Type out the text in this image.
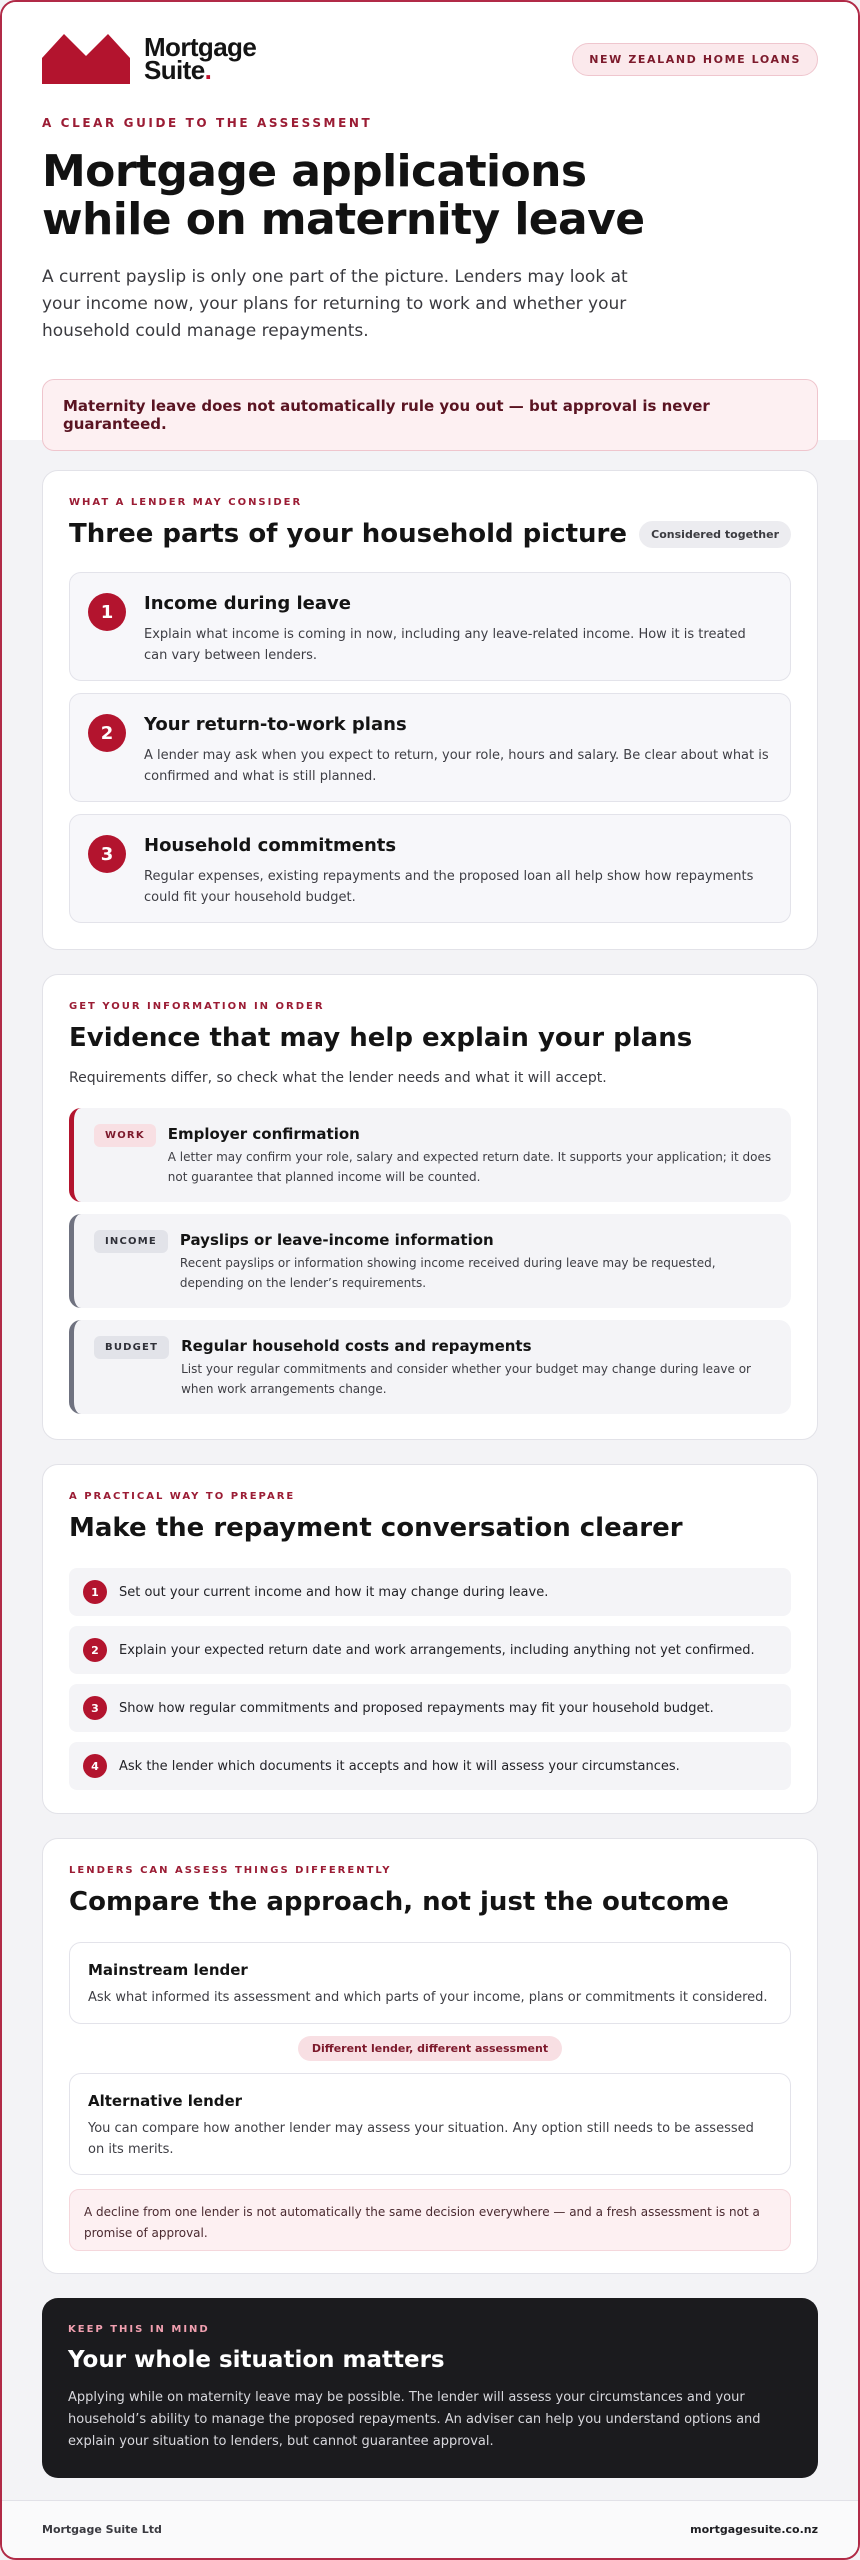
Mortgage
Suite.	NEW ZEALAND HOME LOANS
A CLEAR GUIDE TO THE ASSESSMENT
Mortgage applications while on maternity leave

A current payslip is only one part of the picture. Lenders may look at your income now, your plans for returning to work and whether your household could manage repayments.

Maternity leave does not automatically rule you out — but approval is never guaranteed.
WHAT A LENDER MAY CONSIDER
Three parts of your household picture	Considered together
1	Income during leave
Explain what income is coming in now, including any leave-related income. How it is treated can vary between lenders.
2	Your return-to-work plans
A lender may ask when you expect to return, your role, hours and salary. Be clear about what is confirmed and what is still planned.
3	Household commitments
Regular expenses, existing repayments and the proposed loan all help show how repayments could fit your household budget.
GET YOUR INFORMATION IN ORDER
Evidence that may help explain your plans

Requirements differ, so check what the lender needs and what it will accept.

WORK	Employer confirmation
A letter may confirm your role, salary and expected return date. It supports your application; it does not guarantee that planned income will be counted.
INCOME	Payslips or leave-income information
Recent payslips or information showing income received during leave may be requested, depending on the lender’s requirements.
BUDGET	Regular household costs and repayments
List your regular commitments and consider whether your budget may change during leave or when work arrangements change.
A PRACTICAL WAY TO PREPARE
Make the repayment conversation clearer
1	Set out your current income and how it may change during leave.
2	Explain your expected return date and work arrangements, including anything not yet confirmed.
3	Show how regular commitments and proposed repayments may fit your household budget.
4	Ask the lender which documents it accepts and how it will assess your circumstances.
LENDERS CAN ASSESS THINGS DIFFERENTLY
Compare the approach, not just the outcome
Mainstream lender
Ask what informed its assessment and which parts of your income, plans or commitments it considered.
Different lender, different assessment
Alternative lender
You can compare how another lender may assess your situation. Any option still needs to be assessed on its merits.
A decline from one lender is not automatically the same decision everywhere — and a fresh assessment is not a promise of approval.
KEEP THIS IN MIND
Your whole situation matters

Applying while on maternity leave may be possible. The lender will assess your circumstances and your household’s ability to manage the proposed repayments. An adviser can help you understand options and explain your situation to lenders, but cannot guarantee approval.

Mortgage Suite Ltd	mortgagesuite.co.nz
